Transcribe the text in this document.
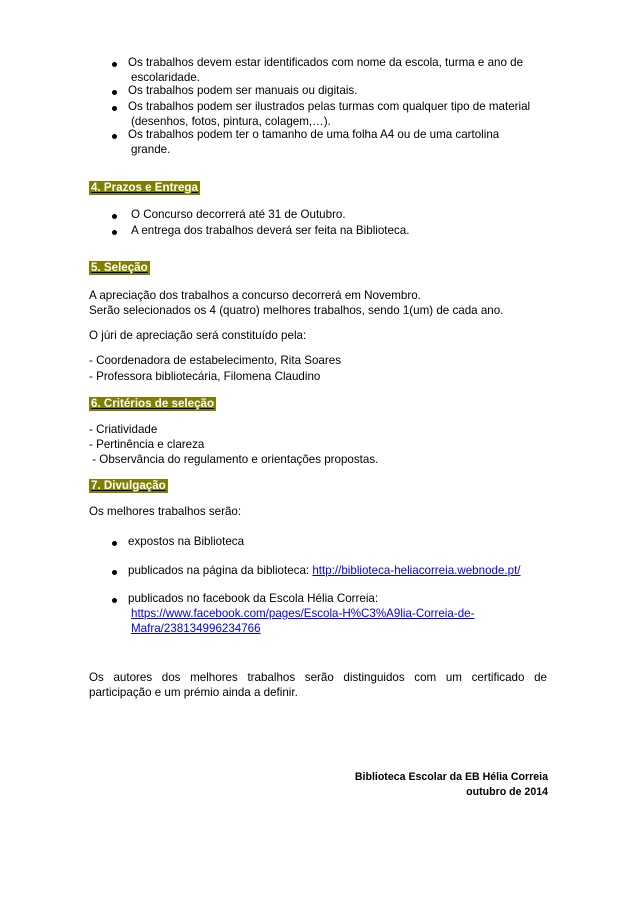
Os trabalhos devem estar identificados com nome da escola, turma e ano de
escolaridade.
Os trabalhos podem ser manuais ou digitais.
Os trabalhos podem ser ilustrados pelas turmas com qualquer tipo de material
(desenhos, fotos, pintura, colagem,…).
Os trabalhos podem ter o tamanho de uma folha A4 ou de uma cartolina
grande.
4. Prazos e Entrega
O Concurso decorrerá até 31 de Outubro.
A entrega dos trabalhos deverá ser feita na Biblioteca.
5. Seleção
A apreciação dos trabalhos a concurso decorrerá em Novembro.
Serão selecionados os 4 (quatro) melhores trabalhos, sendo 1(um) de cada ano.
O júri de apreciação será constituído pela:
- Coordenadora de estabelecimento, Rita Soares
- Professora bibliotecária, Filomena Claudino
6. Critérios de seleção
- Criatividade
- Pertinência e clareza
- Observância do regulamento e orientações propostas.
7. Divulgação
Os melhores trabalhos serão:
expostos na Biblioteca
publicados na página da biblioteca: http://biblioteca-heliacorreia.webnode.pt/
publicados no facebook da Escola Hélia Correia:
https://www.facebook.com/pages/Escola-H%C3%A9lia-Correia-de-
Mafra/238134996234766
Os autores dos melhores trabalhos serão distinguidos com um certificado de
participação e um prémio ainda a definir.
Biblioteca Escolar da EB Hélia Correia
outubro de 2014
